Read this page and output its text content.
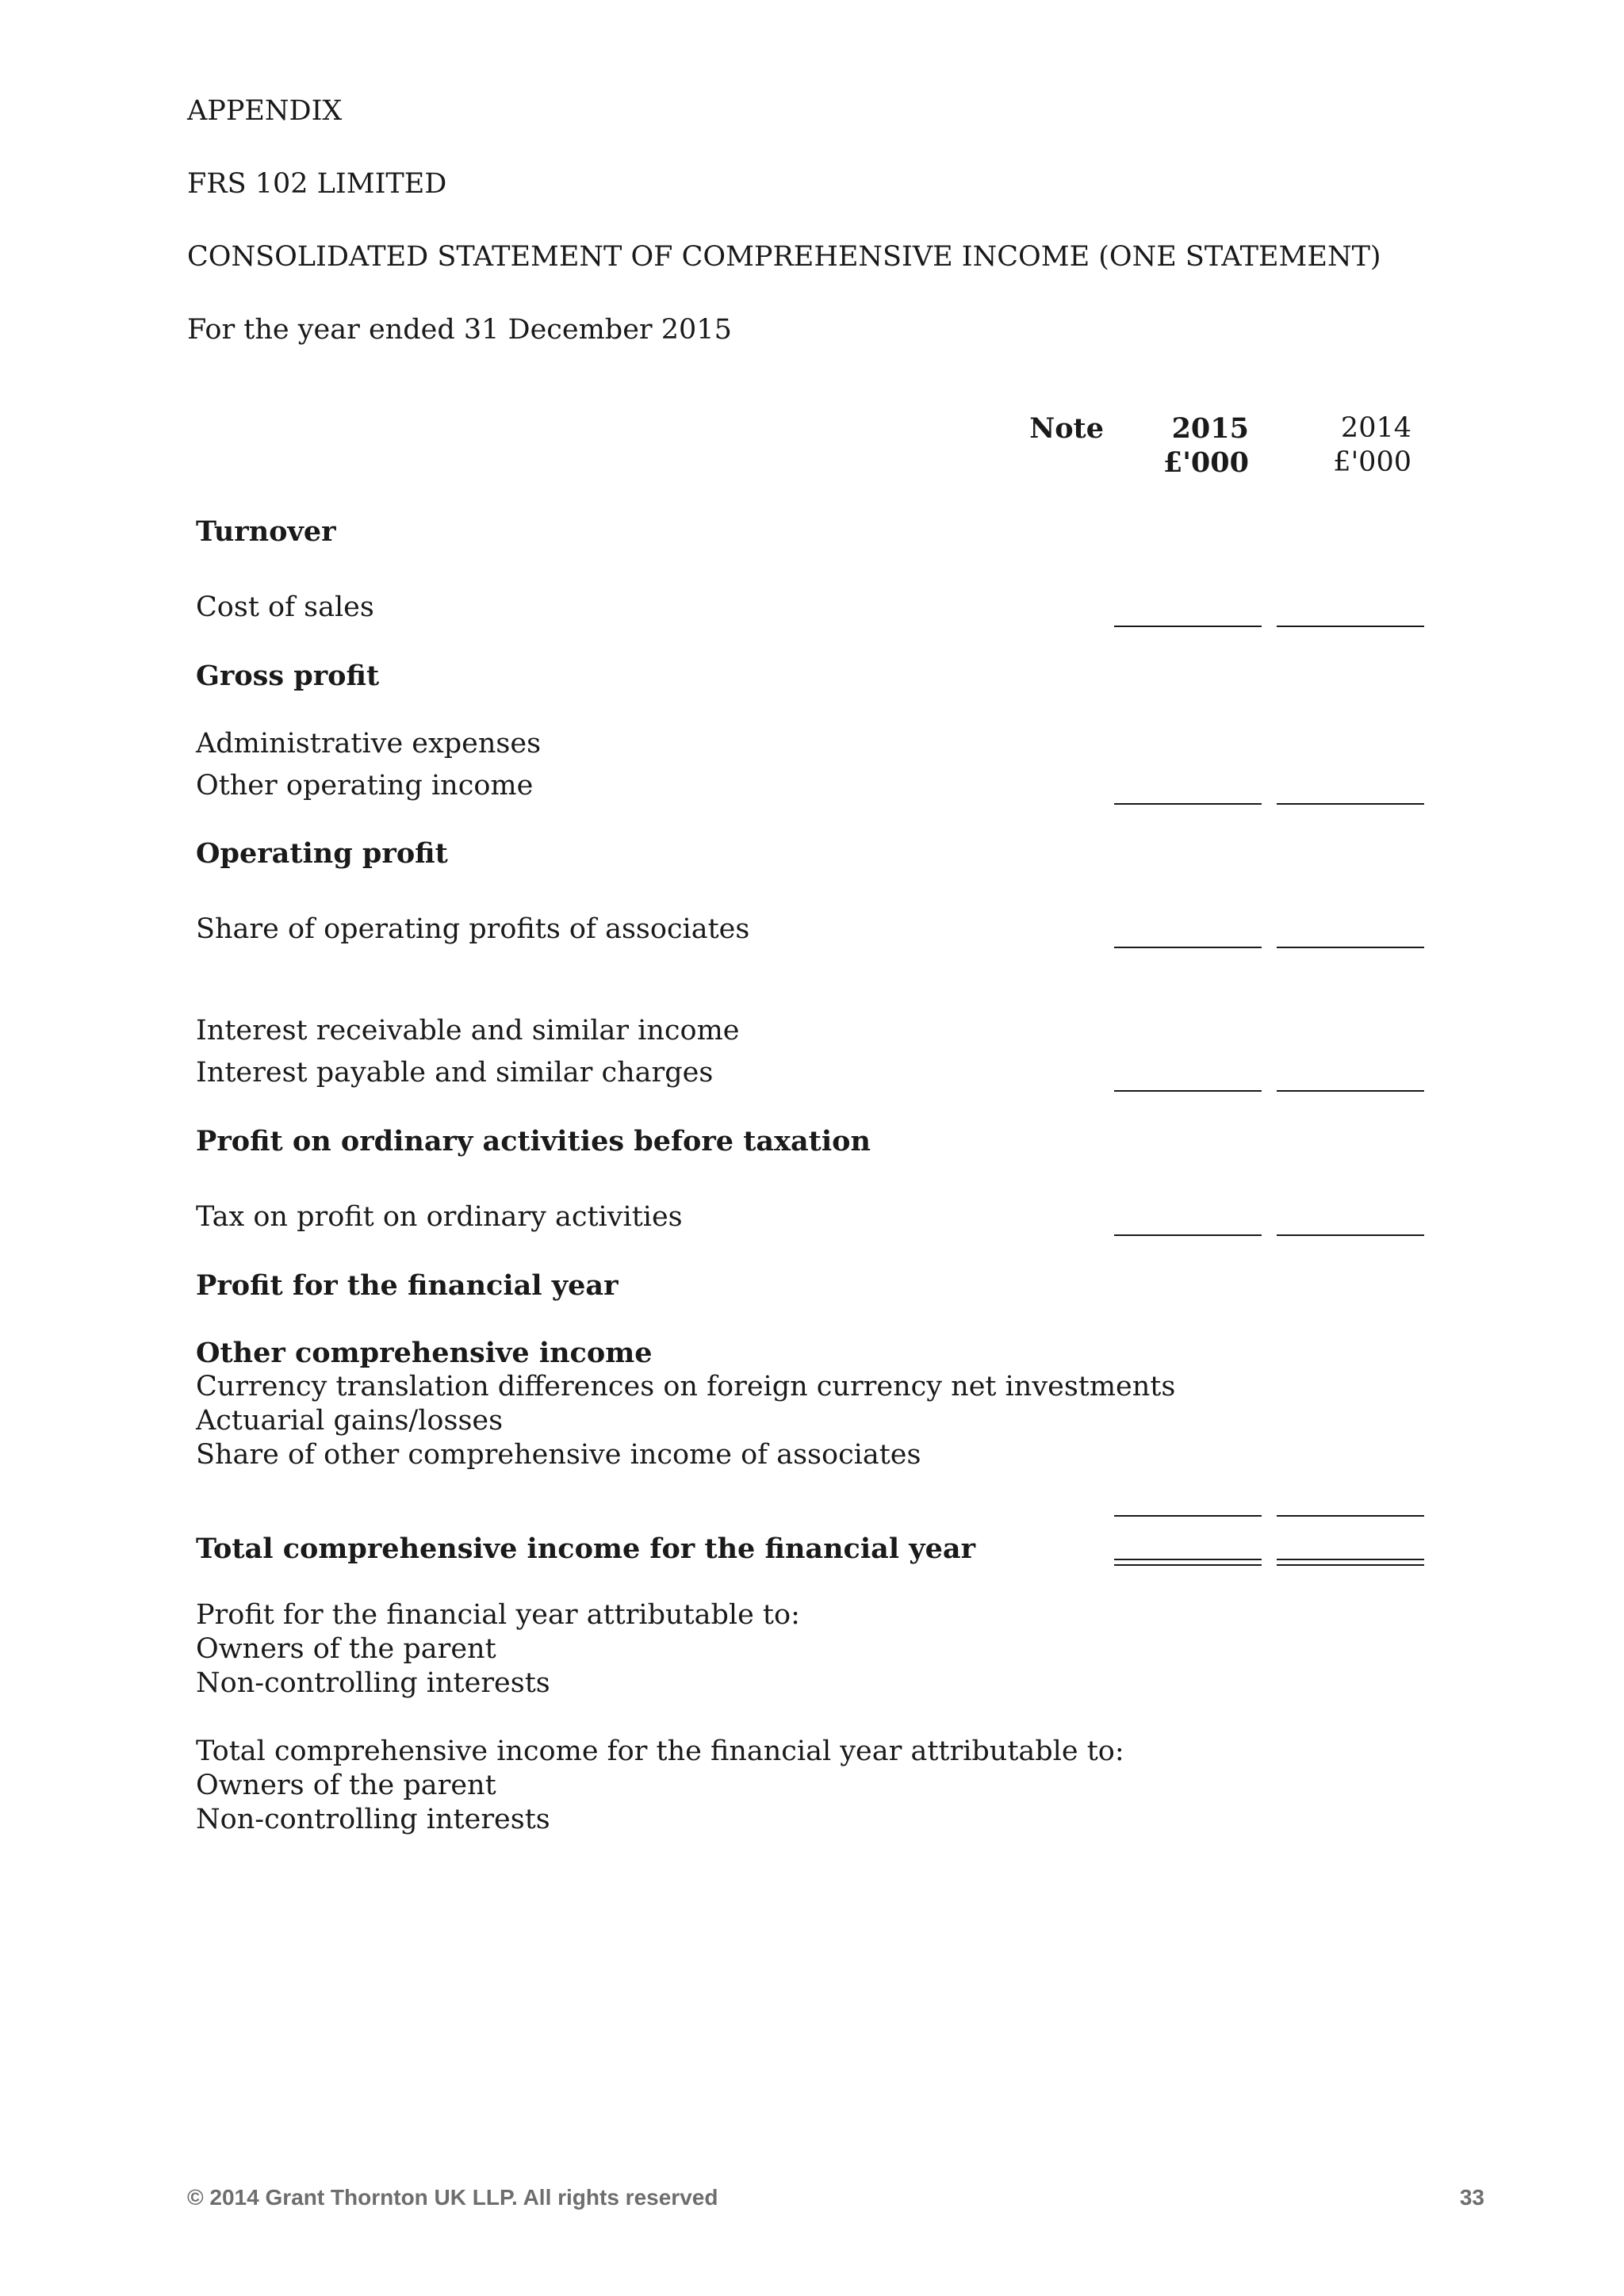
APPENDIX
FRS 102 LIMITED
CONSOLIDATED STATEMENT OF COMPREHENSIVE INCOME (ONE STATEMENT)
For the year ended 31 December 2015
Note 2015
£'000
2014
£'000
Turnover
Cost of sales
Gross profit
Administrative expenses
Other operating income
Operating profit
Share of operating profits of associates
Interest receivable and similar income
Interest payable and similar charges
Profit on ordinary activities before taxation
Tax on profit on ordinary activities
Profit for the financial year
Other comprehensive income
Currency translation differences on foreign currency net investments
Actuarial gains/losses
Share of other comprehensive income of associates
Total comprehensive income for the financial year
Profit for the financial year attributable to:
Owners of the parent
Non-controlling interests
Total comprehensive income for the financial year attributable to:
Owners of the parent
Non-controlling interests
© 2014 Grant Thornton UK LLP. All rights reserved	33
